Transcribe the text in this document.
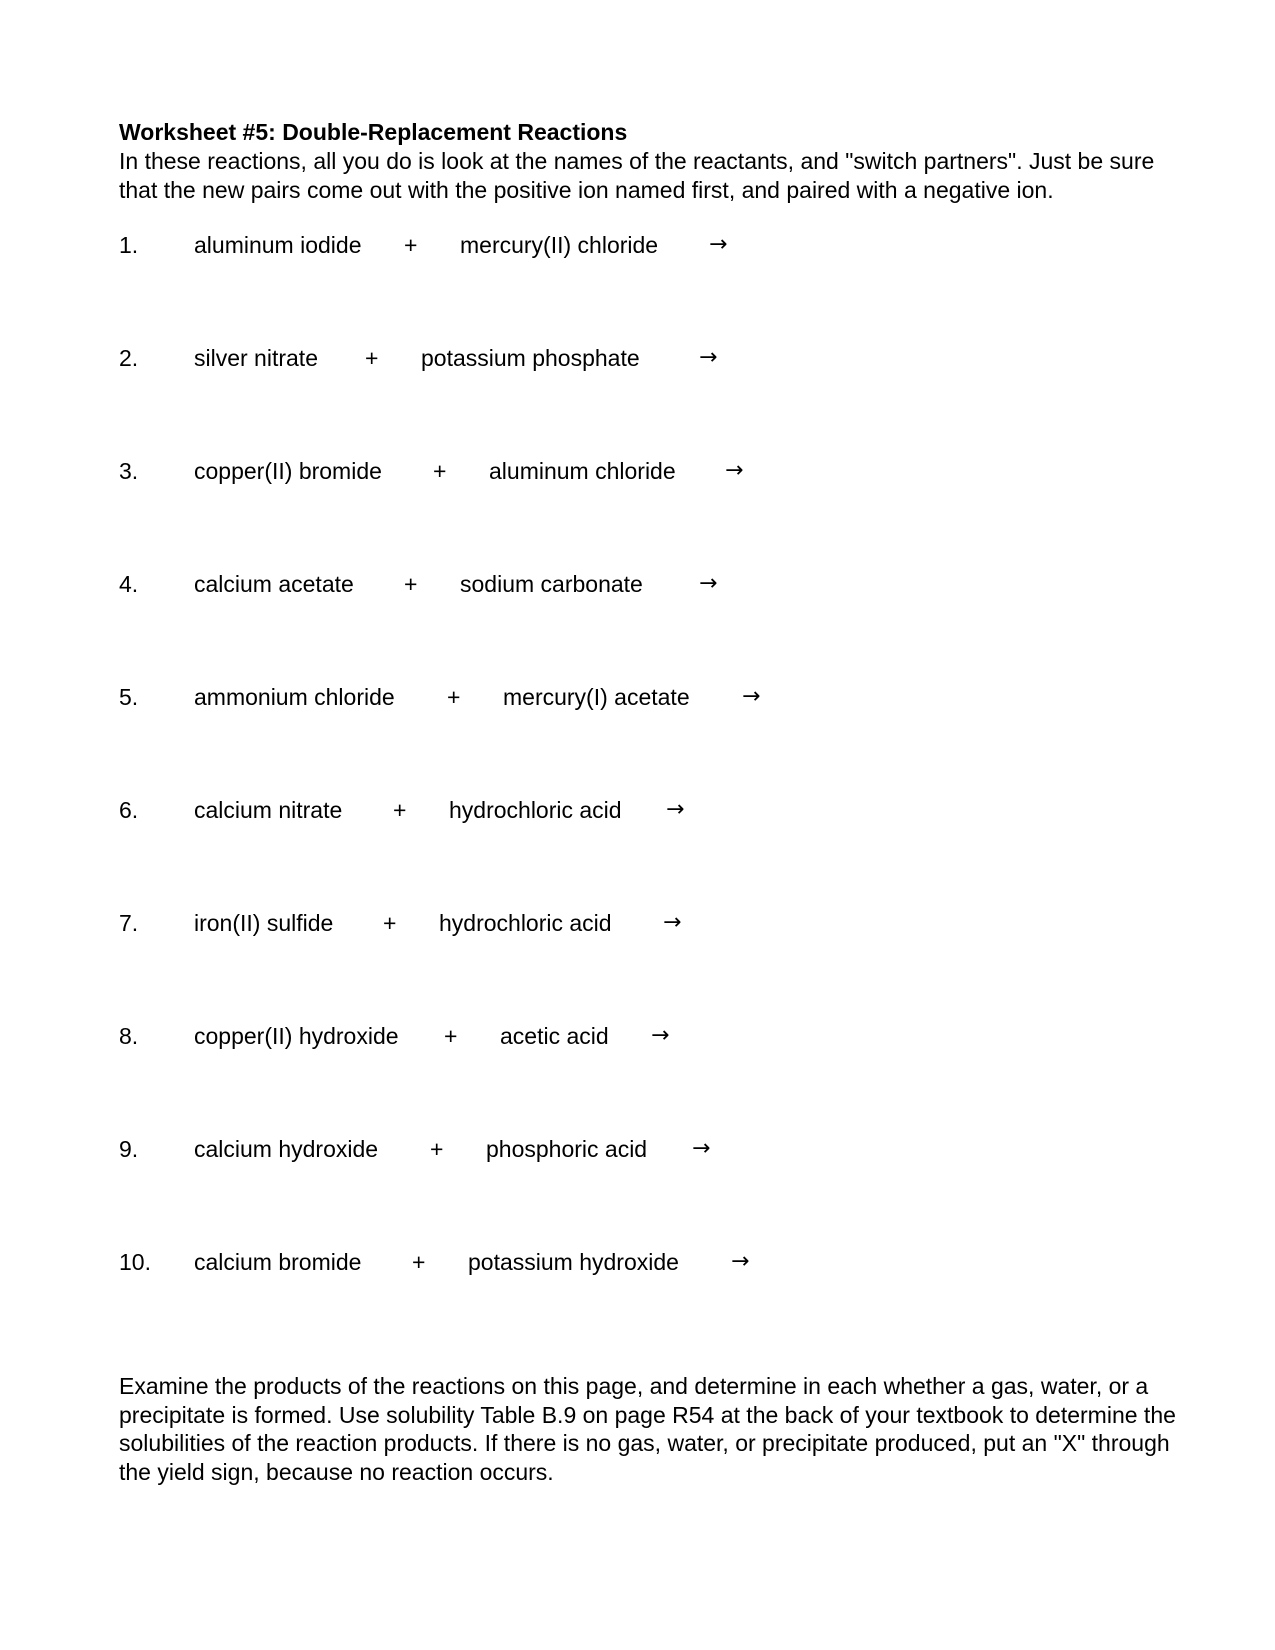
Worksheet #5: Double-Replacement Reactions
In these reactions, all you do is look at the names of the reactants, and "switch partners". Just be sure that the new pairs come out with the positive ion named first, and paired with a negative ion.
1. aluminum iodide + mercury(II) chloride →
2. silver nitrate + potassium phosphate	→
3. copper(II) bromide + aluminum chloride →
4. calcium acetate + sodium carbonate	→
5. ammonium chloride + mercury(I) acetate →
6. calcium nitrate + hydrochloric acid →
7. iron(II) sulfide + hydrochloric acid →
8. copper(II) hydroxide + acetic acid →
9. calcium hydroxide + phosphoric acid →
10. calcium bromide + potassium hydroxide →
Examine the products of the reactions on this page, and determine in each whether a gas, water, or a precipitate is formed. Use solubility Table B.9 on page R54 at the back of your textbook to determine the solubilities of the reaction products. If there is no gas, water, or precipitate produced, put an "X" through the yield sign, because no reaction occurs.
